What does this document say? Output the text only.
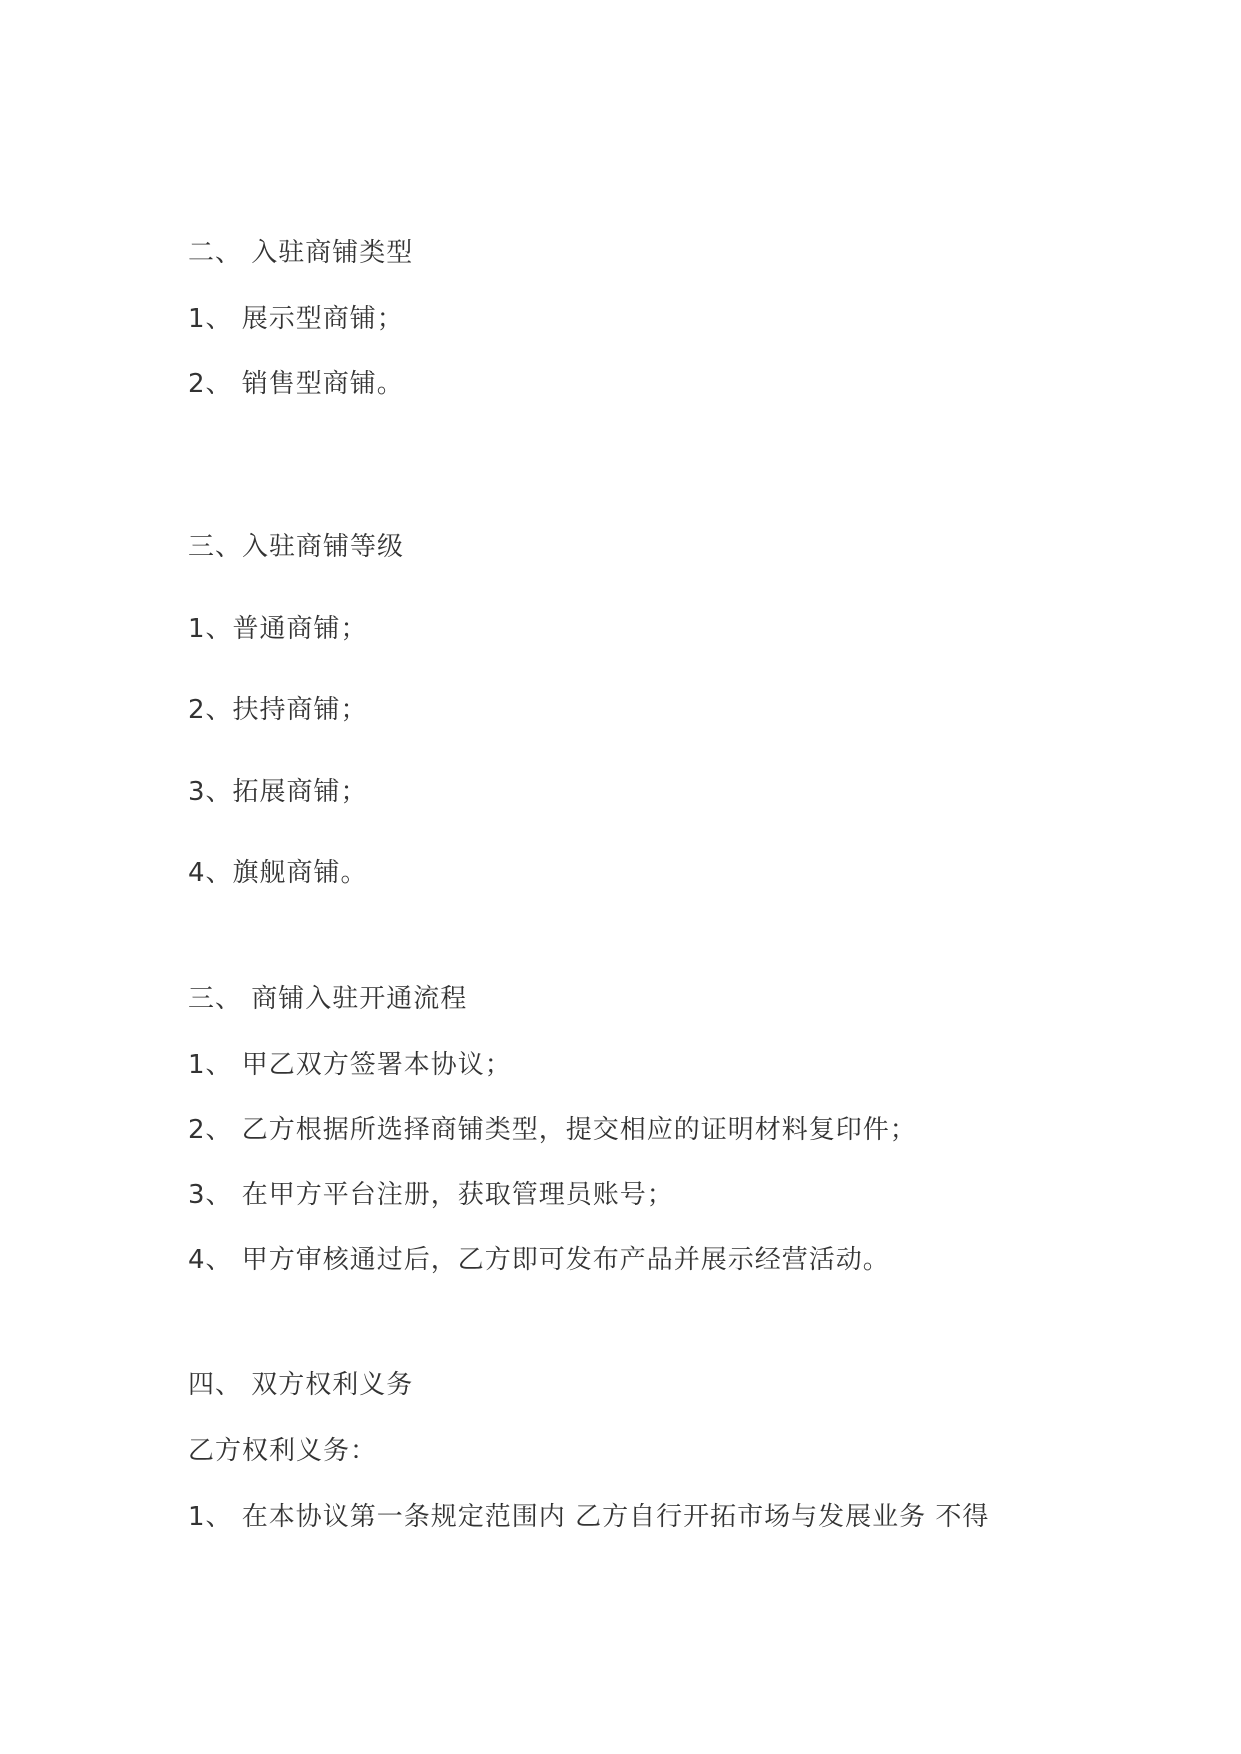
二、 入驻商铺类型
1、 展示型商铺；
2、 销售型商铺。
三、入驻商铺等级
1、普通商铺；
2、扶持商铺；
3、拓展商铺；
4、旗舰商铺。
三、 商铺入驻开通流程
1、 甲乙双方签署本协议；
2、 乙方根据所选择商铺类型，提交相应的证明材料复印件；
3、 在甲方平台注册，获取管理员账号；
4、 甲方审核通过后，乙方即可发布产品并展示经营活动。
四、 双方权利义务
乙方权利义务：
1、 在本协议第一条规定范围内 乙方自行开拓市场与发展业务 不得
